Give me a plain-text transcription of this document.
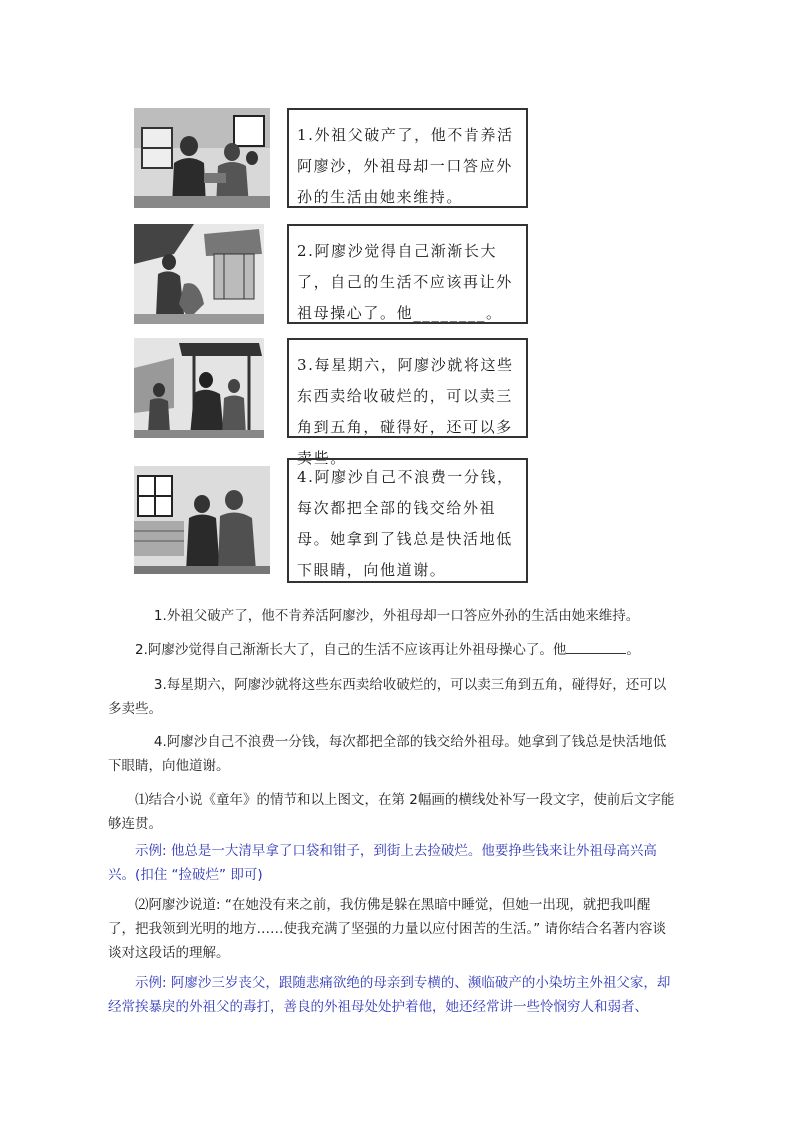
1.外祖父破产了，他不肯养活阿廖沙，外祖母却一口答应外孙的生活由她来维持。
2.阿廖沙觉得自己渐渐长大了，自己的生活不应该再让外祖母操心了。他________。
3.每星期六，阿廖沙就将这些东西卖给收破烂的，可以卖三角到五角，碰得好，还可以多卖些。
4.阿廖沙自己不浪费一分钱，每次都把全部的钱交给外祖母。她拿到了钱总是快活地低下眼睛，向他道谢。
1.外祖父破产了，他不肯养活阿廖沙，外祖母却一口答应外孙的生活由她来维持。
2.阿廖沙觉得自己渐渐长大了，自己的生活不应该再让外祖母操心了。他	。
3.每星期六，阿廖沙就将这些东西卖给收破烂的，可以卖三角到五角，碰得好，还可以多卖些。
4.阿廖沙自己不浪费一分钱，每次都把全部的钱交给外祖母。她拿到了钱总是快活地低下眼睛，向他道谢。
⑴结合小说《童年》的情节和以上图文，在第 2幅画的横线处补写一段文字，使前后文字能够连贯。
示例: 他总是一大清早拿了口袋和钳子，到街上去捡破烂。他要挣些钱来让外祖母高兴高兴。(扣住 “捡破烂” 即可)
⑵阿廖沙说道: “在她没有来之前，我仿佛是躲在黑暗中睡觉，但她一出现，就把我叫醒了，把我领到光明的地方……使我充满了坚强的力量以应付困苦的生活。” 请你结合名著内容谈谈对这段话的理解。
示例: 阿廖沙三岁丧父，跟随悲痛欲绝的母亲到专横的、濒临破产的小染坊主外祖父家，却经常挨暴戾的外祖父的毒打，善良的外祖母处处护着他，她还经常讲一些怜悯穷人和弱者、
